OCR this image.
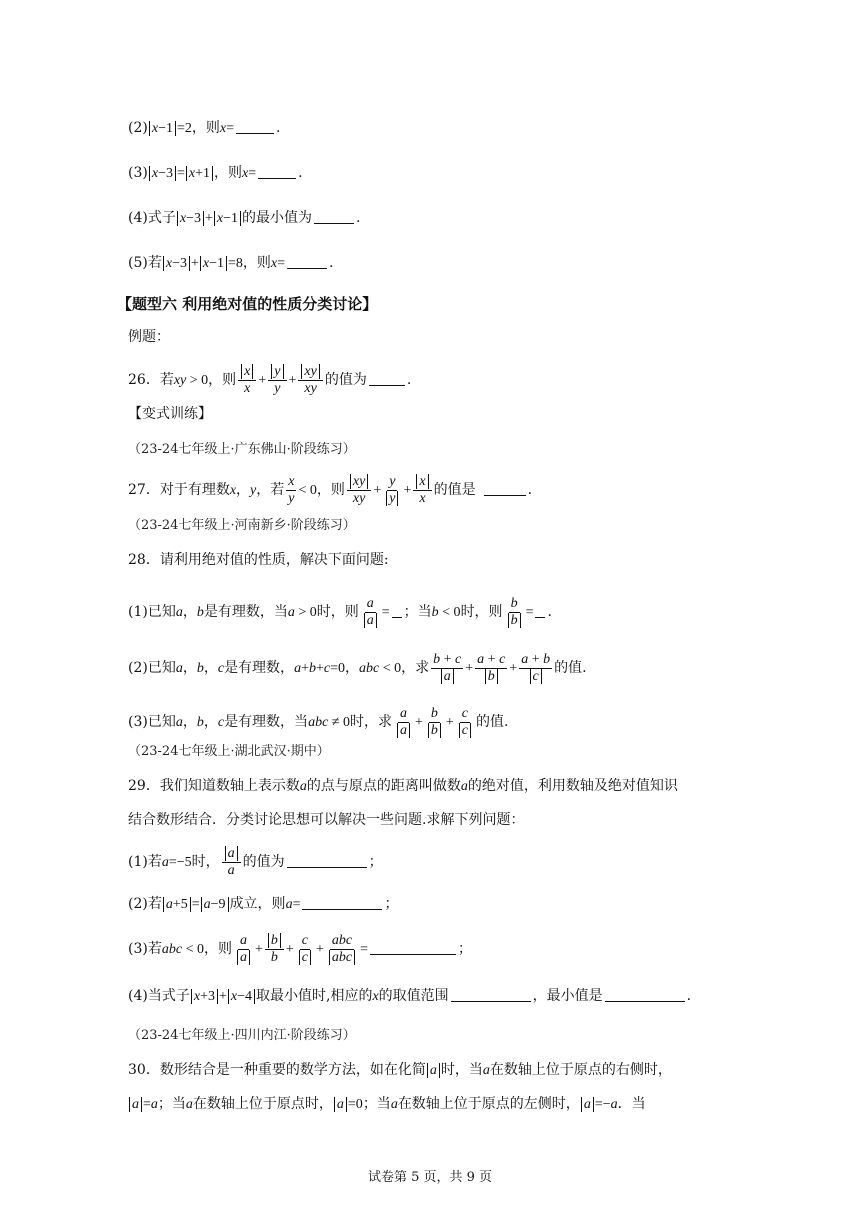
(2) x−1 =2，则x=	.
(3) x−3 = x+1 ，则x=	.
(4)式子 x−3 + x−1 的最小值为	.
(5)若 x−3 + x−1 =8，则x=	.
【题型六 利用绝对值的性质分类讨论】
例题：
26．若xy > 0，则 $\frac{x}{x} + \frac{y}{y} + \frac{xy}{xy}$ 的值为	.
【变式训练】
（23-24七年级上·广东佛山·阶段练习）
27．对于有理数x，y，若 $\frac{x}{y} < 0$，则 $\frac{xy}{xy} + \frac{y}{y} + \frac{x}{x}$ 的值是	.
（23-24七年级上·河南新乡·阶段练习）
28．请利用绝对值的性质，解决下面问题:
(1)已知a，b是有理数，当a > 0时，则 $\frac{a}{a}$ = ；当b < 0时，则 $\frac{b}{b}$ = .
(2)已知a，b，c是有理数，a+b+c=0，abc < 0，求 $\frac{b + c}{a} + \frac{a + c}{b} + \frac{a + b}{c}$ 的值.
(3)已知a，b，c是有理数，当abc ≠ 0时，求 $\frac{a}{a} + \frac{b}{b} + \frac{c}{c}$ 的值.
（23-24七年级上·湖北武汉·期中）
29．我们知道数轴上表示数a的点与原点的距离叫做数a的绝对值，利用数轴及绝对值知识
结合数形结合．分类讨论思想可以解决一些问题.求解下列问题：
(1)若a=−5时， $\frac{a}{a}$ 的值为	；
(2)若 a+5 = a−9 成立，则a=	；
(3)若abc < 0，则 $\frac{a}{a} + \frac{b}{b} + \frac{c}{c} + \frac{\text{abc}}{\text{abc}}$ =	；
(4)当式子 x+3 + x−4 取最小值时,相应的x的取值范围	，最小值是	.
（23-24七年级上·四川内江·阶段练习）
30．数形结合是一种重要的数学方法，如在化简 a 时，当a在数轴上位于原点的右侧时，
a =a；当a在数轴上位于原点时， a =0；当a在数轴上位于原点的左侧时， a =−a．当
试卷第 5 页，共 9 页
